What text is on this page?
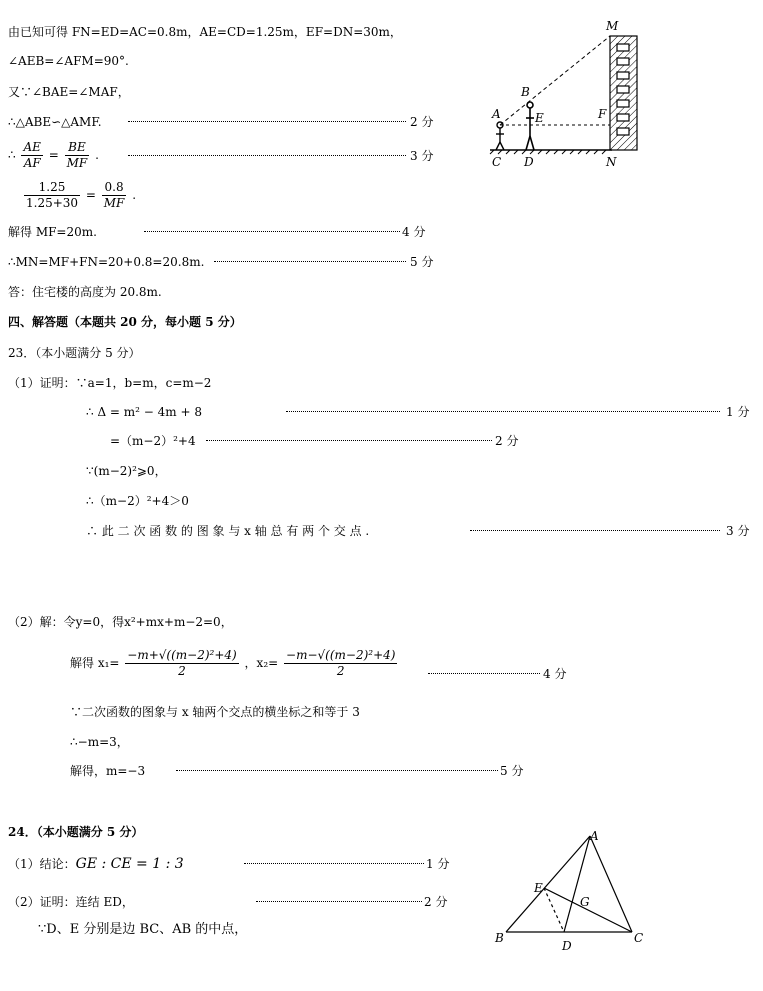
由已知可得 FN=ED=AC=0.8m，AE=CD=1.25m，EF=DN=30m，
∠AEB=∠AFM=90°.
又∵∠BAE=∠MAF，
∴△ABE∽△AMF.	2 分
∴ $\frac{AE}{AF} = \frac{BE}{MF}$ .	3 分
$\frac{1.25}{1.25+30} = \frac{0.8}{MF}$ .
解得 MF=20m.	4 分
∴MN=MF+FN=20+0.8=20.8m.	5 分
答：住宅楼的高度为 20.8m.
四、解答题（本题共 20 分，每小题 5 分）
23．（本小题满分 5 分）
（1）证明：∵a=1，b=m，c=m−2
∴ Δ = m² − 4m + 8	1 分
=（m−2）²+4	2 分
∵(m−2)²⩾0，
∴（m−2）²+4＞0
∴ 此 二 次 函 数 的 图 象 与 x 轴 总 有 两 个 交 点 .	3 分
（2）解：令y=0，得x²+mx+m−2=0，
解得 $x_1= \frac{\text{−m+√((m−2)²+4)}}{2}$ ，$x_2= \frac{\text{−m−√((m−2)²+4)}}{2}$	4 分
∵二次函数的图象与 x 轴两个交点的横坐标之和等于 3
∴−m=3，
解得，m=−3	5 分
24．（本小题满分 5 分）
（1）结论：GE : CE = 1 : 3	1 分
（2）证明：连结 ED，	2 分
∵D、E 分别是边 BC、AB 的中点，
M
B
A	E	F
C D	N
A
E
G
B
D
C
